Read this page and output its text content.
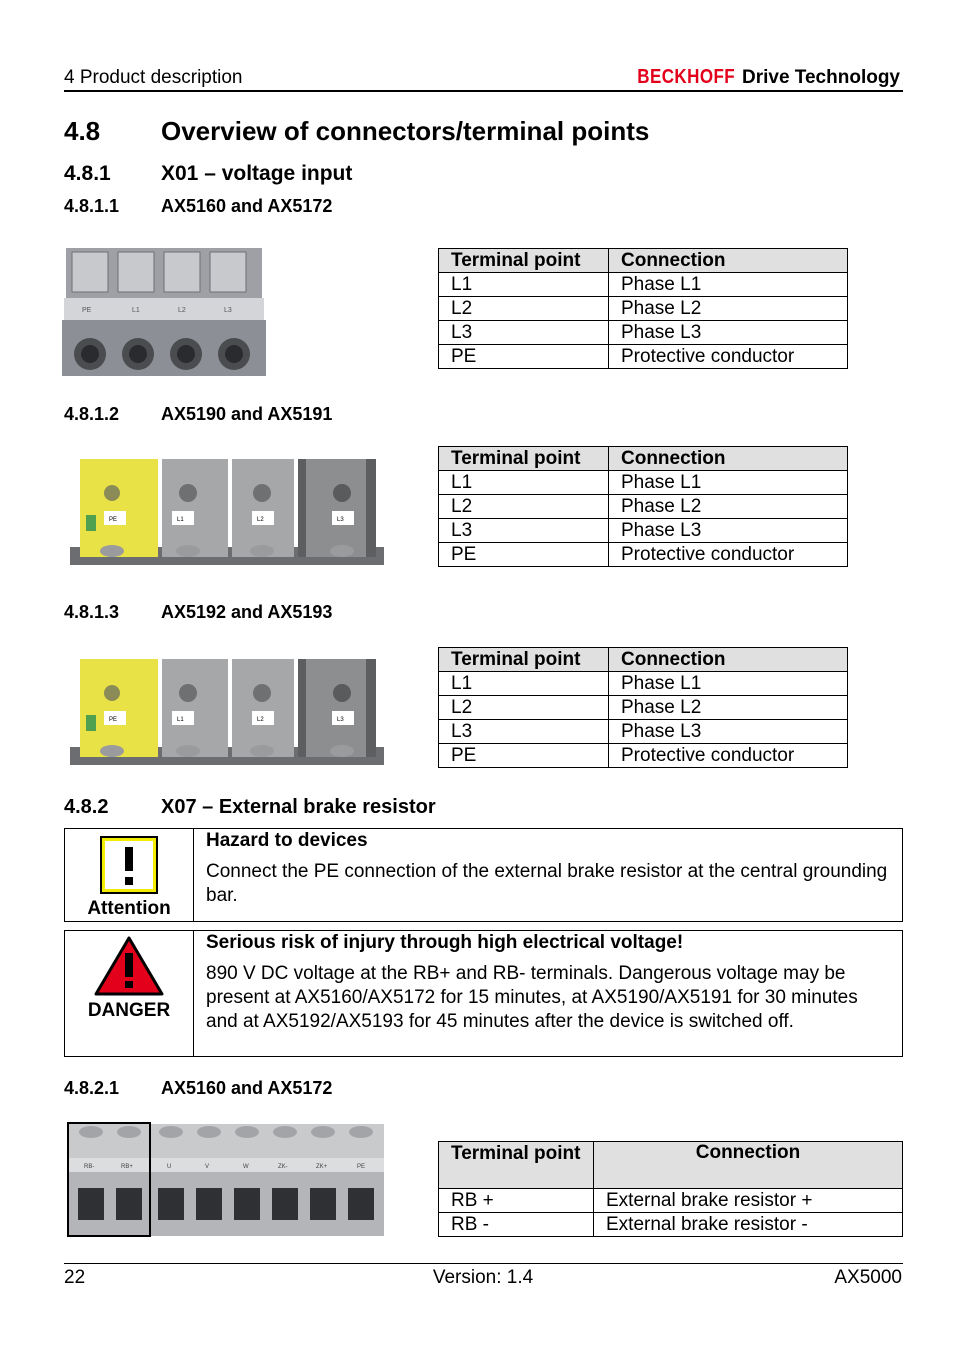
4 Product description	BECKHOFF Drive Technology
4.8 Overview of connectors/terminal points
4.8.1 X01 – voltage input
4.8.1.1 AX5160 and AX5172
PE	L1	L2	L3
Terminal point	Connection
L1	Phase L1
L2	Phase L2
L3	Phase L3
PE	Protective conductor
4.8.1.2 AX5190 and AX5191
PE	L1	L2	L3
Terminal point	Connection
L1	Phase L1
L2	Phase L2
L3	Phase L3
PE	Protective conductor
4.8.1.3 AX5192 and AX5193
PE	L1	L2	L3
Terminal point	Connection
L1	Phase L1
L2	Phase L2
L3	Phase L3
PE	Protective conductor
4.8.2	X07 – External brake resistor
Attention
Hazard to devices
Connect the PE connection of the external brake resistor at the central grounding bar.
DANGER
Serious risk of injury through high electrical voltage!
890 V DC voltage at the RB+ and RB- terminals. Dangerous voltage may be present at AX5160/AX5172 for 15 minutes, at AX5190/AX5191 for 30 minutes and at AX5192/AX5193 for 45 minutes after the device is switched off.
4.8.2.1 AX5160 and AX5172
RB-	RB+	U	V	W	ZK-	ZK+	PE
Terminal point	Connection
RB +	External brake resistor +
RB -	External brake resistor -
22	Version: 1.4	AX5000
